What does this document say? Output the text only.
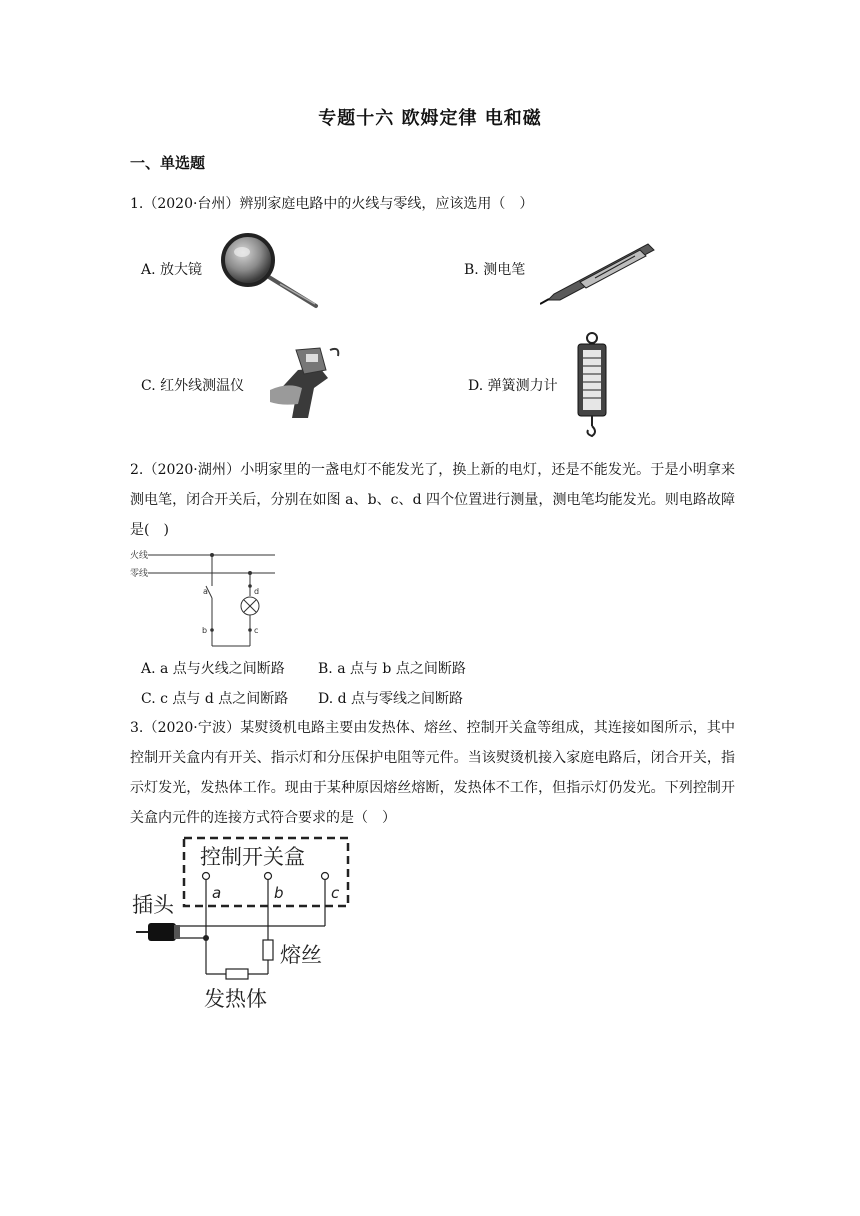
专题十六 欧姆定律 电和磁
一、单选题
1.（2020·台州）辨别家庭电路中的火线与零线，应该选用（　）
A. 放大镜	B. 测电笔
C. 红外线测温仪	D. 弹簧测力计
2.（2020·湖州）小明家里的一盏电灯不能发光了，换上新的电灯，还是不能发光。于是小明拿来测电笔，闭合开关后，分别在如图 a、b、c、d 四个位置进行测量，测电笔均能发光。则电路故障是(　)
火线
零线
a
b	c
d
A. a 点与火线之间断路 B. a 点与 b 点之间断路
C. c 点与 d 点之间断路 D. d 点与零线之间断路
3.（2020·宁波）某熨烫机电路主要由发热体、熔丝、控制开关盒等组成，其连接如图所示，其中控制开关盒内有开关、指示灯和分压保护电阻等元件。当该熨烫机接入家庭电路后，闭合开关，指示灯发光，发热体工作。现由于某种原因熔丝熔断，发热体不工作，但指示灯仍发光。下列控制开关盒内元件的连接方式符合要求的是（　）
控制开关盒
插头
熔丝
发热体
a	b	c
